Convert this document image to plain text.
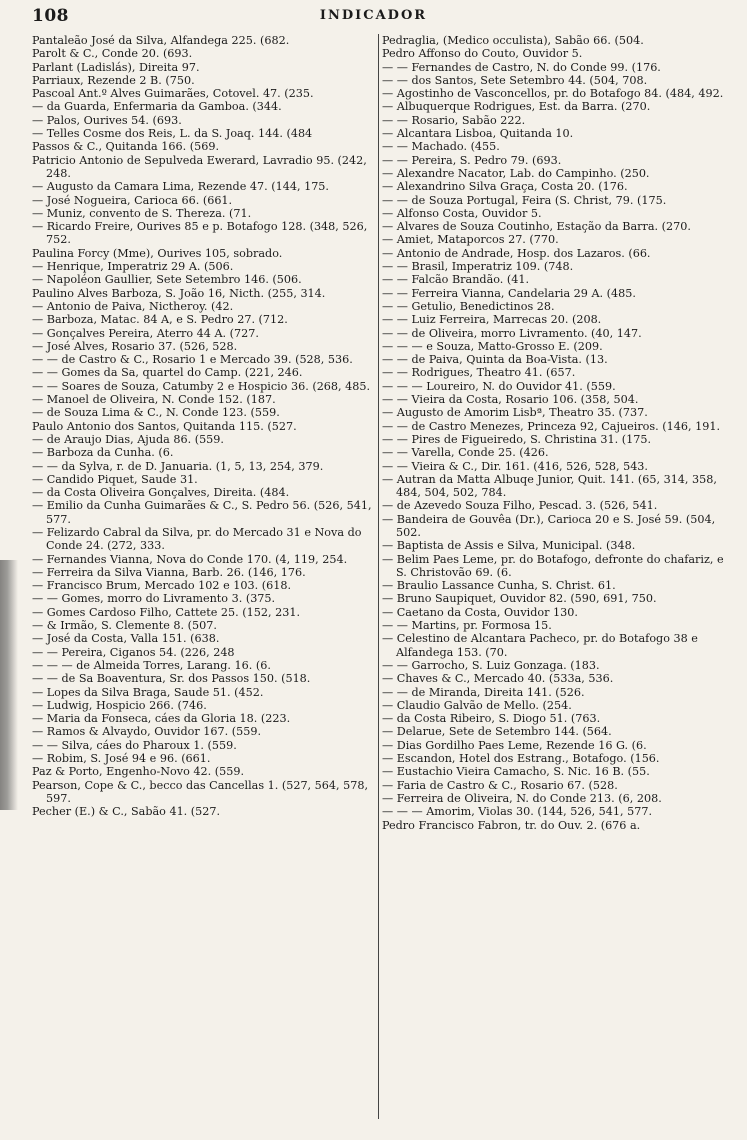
108	INDICADOR
Pantaleão José da Silva, Alfandega 225. (682.
Parolt & C., Conde 20. (693.
Parlant (Ladislás), Direita 97.
Parriaux, Rezende 2 B. (750.
Pascoal Ant.º Alves Guimarães, Cotovel. 47. (235.
— da Guarda, Enfermaria da Gamboa. (344.
— Palos, Ourives 54. (693.
— Telles Cosme dos Reis, L. da S. Joaq. 144. (484
Passos & C., Quitanda 166. (569.
Patricio Antonio de Sepulveda Ewerard, Lavradio 95. (242, 248.
— Augusto da Camara Lima, Rezende 47. (144, 175.
— José Nogueira, Carioca 66. (661.
— Muniz, convento de S. Thereza. (71.
— Ricardo Freire, Ourives 85 e p. Botafogo 128. (348, 526, 752.
Paulina Forcy (Mme), Ourives 105, sobrado.
— Henrique, Imperatriz 29 A. (506.
— Napoléon Gaullier, Sete Setembro 146. (506.
Paulino Alves Barboza, S. João 16, Nicth. (255, 314.
— Antonio de Paiva, Nictheroy. (42.
— Barboza, Matac. 84 A, e S. Pedro 27. (712.
— Gonçalves Pereira, Aterro 44 A. (727.
— José Alves, Rosario 37. (526, 528.
— — de Castro & C., Rosario 1 e Mercado 39. (528, 536.
— — Gomes da Sa, quartel do Camp. (221, 246.
— — Soares de Souza, Catumby 2 e Hospicio 36. (268, 485.
— Manoel de Oliveira, N. Conde 152. (187.
— de Souza Lima & C., N. Conde 123. (559.
Paulo Antonio dos Santos, Quitanda 115. (527.
— de Araujo Dias, Ajuda 86. (559.
— Barboza da Cunha. (6.
— — da Sylva, r. de D. Januaria. (1, 5, 13, 254, 379.
— Candido Piquet, Saude 31.
— da Costa Oliveira Gonçalves, Direita. (484.
— Emilio da Cunha Guimarães & C., S. Pedro 56. (526, 541, 577.
— Felizardo Cabral da Silva, pr. do Mercado 31 e Nova do Conde 24. (272, 333.
— Fernandes Vianna, Nova do Conde 170. (4, 119, 254.
— Ferreira da Silva Vianna, Barb. 26. (146, 176.
— Francisco Brum, Mercado 102 e 103. (618.
— — Gomes, morro do Livramento 3. (375.
— Gomes Cardoso Filho, Cattete 25. (152, 231.
— & Irmão, S. Clemente 8. (507.
— José da Costa, Valla 151. (638.
— — Pereira, Ciganos 54. (226, 248
— — — de Almeida Torres, Larang. 16. (6.
— — de Sa Boaventura, Sr. dos Passos 150. (518.
— Lopes da Silva Braga, Saude 51. (452.
— Ludwig, Hospicio 266. (746.
— Maria da Fonseca, cáes da Gloria 18. (223.
— Ramos & Alvaydo, Ouvidor 167. (559.
— — Silva, cáes do Pharoux 1. (559.
— Robim, S. José 94 e 96. (661.
Paz & Porto, Engenho-Novo 42. (559.
Pearson, Cope & C., becco das Cancellas 1. (527, 564, 578, 597.
Pecher (E.) & C., Sabão 41. (527.
Pedraglia, (Medico occulista), Sabão 66. (504.
Pedro Affonso do Couto, Ouvidor 5.
— — Fernandes de Castro, N. do Conde 99. (176.
— — dos Santos, Sete Setembro 44. (504, 708.
— Agostinho de Vasconcellos, pr. do Botafogo 84. (484, 492.
— Albuquerque Rodrigues, Est. da Barra. (270.
— — Rosario, Sabão 222.
— Alcantara Lisboa, Quitanda 10.
— — Machado. (455.
— — Pereira, S. Pedro 79. (693.
— Alexandre Nacator, Lab. do Campinho. (250.
— Alexandrino Silva Graça, Costa 20. (176.
— — de Souza Portugal, Feira (S. Christ, 79. (175.
— Alfonso Costa, Ouvidor 5.
— Alvares de Souza Coutinho, Estação da Barra. (270.
— Amiet, Mataporcos 27. (770.
— Antonio de Andrade, Hosp. dos Lazaros. (66.
— — Brasil, Imperatriz 109. (748.
— — Falcão Brandão. (41.
— — Ferreira Vianna, Candelaria 29 A. (485.
— — Getulio, Benedictinos 28.
— — Luiz Ferreira, Marrecas 20. (208.
— — de Oliveira, morro Livramento. (40, 147.
— — — e Souza, Matto-Grosso E. (209.
— — de Paiva, Quinta da Boa-Vista. (13.
— — Rodrigues, Theatro 41. (657.
— — — Loureiro, N. do Ouvidor 41. (559.
— — Vieira da Costa, Rosario 106. (358, 504.
— Augusto de Amorim Lisbª, Theatro 35. (737.
— — de Castro Menezes, Princeza 92, Cajueiros. (146, 191.
— — Pires de Figueiredo, S. Christina 31. (175.
— — Varella, Conde 25. (426.
— — Vieira & C., Dir. 161. (416, 526, 528, 543.
— Autran da Matta Albuqe Junior, Quit. 141. (65, 314, 358, 484, 504, 502, 784.
— de Azevedo Souza Filho, Pescad. 3. (526, 541.
— Bandeira de Gouvêa (Dr.), Carioca 20 e S. José 59. (504, 502.
— Baptista de Assis e Silva, Municipal. (348.
— Belim Paes Leme, pr. do Botafogo, defronte do chafariz, e S. Christovão 69. (6.
— Braulio Lassance Cunha, S. Christ. 61.
— Bruno Saupiquet, Ouvidor 82. (590, 691, 750.
— Caetano da Costa, Ouvidor 130.
— — Martins, pr. Formosa 15.
— Celestino de Alcantara Pacheco, pr. do Botafogo 38 e Alfandega 153. (70.
— — Garrocho, S. Luiz Gonzaga. (183.
— Chaves & C., Mercado 40. (533a, 536.
— — de Miranda, Direita 141. (526.
— Claudio Galvão de Mello. (254.
— da Costa Ribeiro, S. Diogo 51. (763.
— Delarue, Sete de Setembro 144. (564.
— Dias Gordilho Paes Leme, Rezende 16 G. (6.
— Escandon, Hotel dos Estrang., Botafogo. (156.
— Eustachio Vieira Camacho, S. Nic. 16 B. (55.
— Faria de Castro & C., Rosario 67. (528.
— Ferreira de Oliveira, N. do Conde 213. (6, 208.
— — — Amorim, Violas 30. (144, 526, 541, 577.
Pedro Francisco Fabron, tr. do Ouv. 2. (676 a.
